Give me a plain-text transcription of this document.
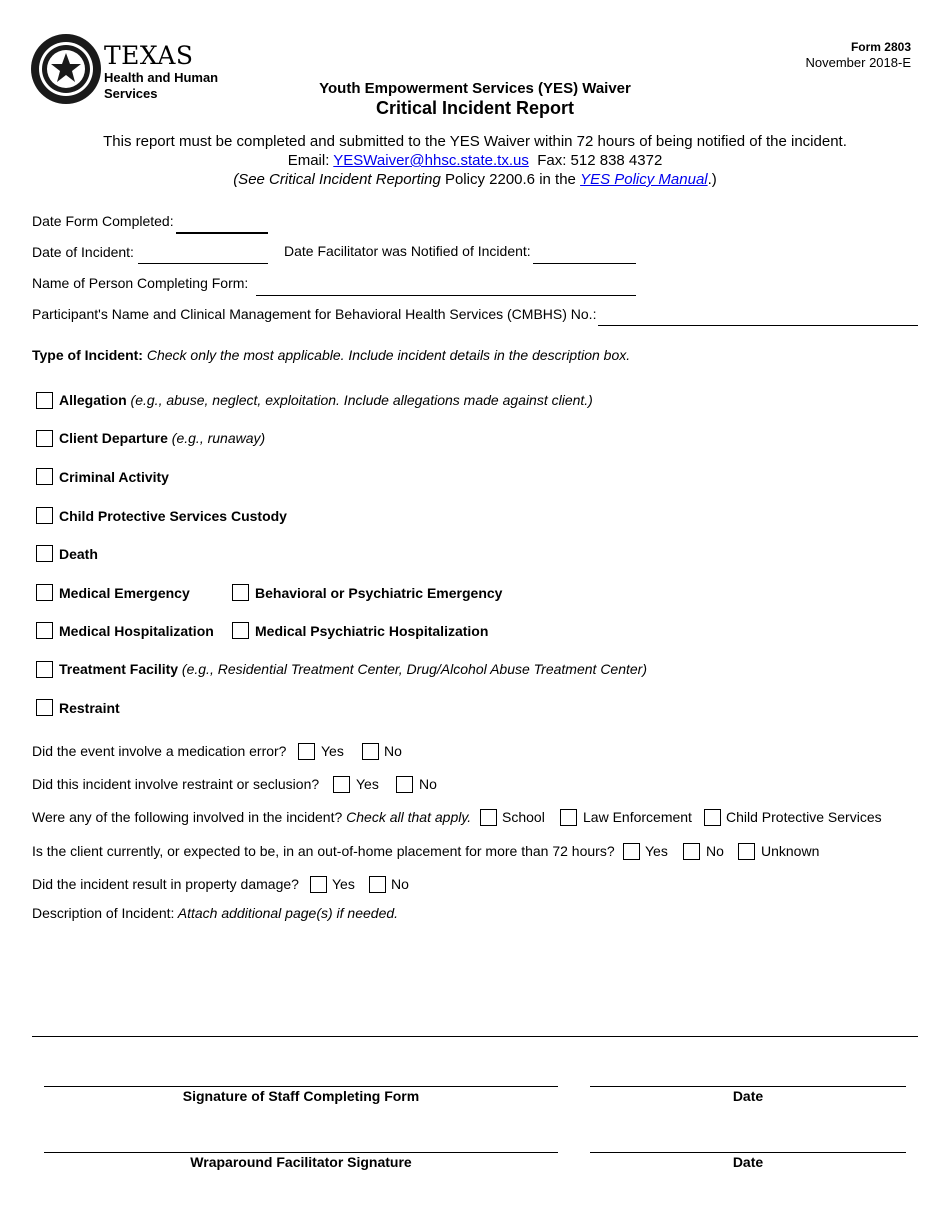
TEXAS
Health and Human
Services
Form 2803
November 2018-E
Youth Empowerment Services (YES) Waiver
Critical Incident Report
This report must be completed and submitted to the YES Waiver within 72 hours of being notified of the incident.
Email: YESWaiver@hhsc.state.tx.us Fax: 512 838 4372
(See Critical Incident Reporting Policy 2200.6 in the YES Policy Manual.)
Date Form Completed:
Date of Incident:	Date Facilitator was Notified of Incident:
Name of Person Completing Form:
Participant's Name and Clinical Management for Behavioral Health Services (CMBHS) No.:
Type of Incident: Check only the most applicable. Include incident details in the description box.
Allegation (e.g., abuse, neglect, exploitation. Include allegations made against client.)
Client Departure (e.g., runaway)
Criminal Activity
Child Protective Services Custody
Death
Medical Emergency	Behavioral or Psychiatric Emergency
Medical Hospitalization	Medical Psychiatric Hospitalization
Treatment Facility (e.g., Residential Treatment Center, Drug/Alcohol Abuse Treatment Center)
Restraint
Did the event involve a medication error? Yes	No
Did this incident involve restraint or seclusion?	Yes	No
Were any of the following involved in the incident? Check all that apply. School	Law Enforcement Child Protective Services
Is the client currently, or expected to be, in an out-of-home placement for more than 72 hours? Yes	No	Unknown
Did the incident result in property damage? Yes	No
Description of Incident: Attach additional page(s) if needed.
Signature of Staff Completing Form	Date
Wraparound Facilitator Signature	Date
